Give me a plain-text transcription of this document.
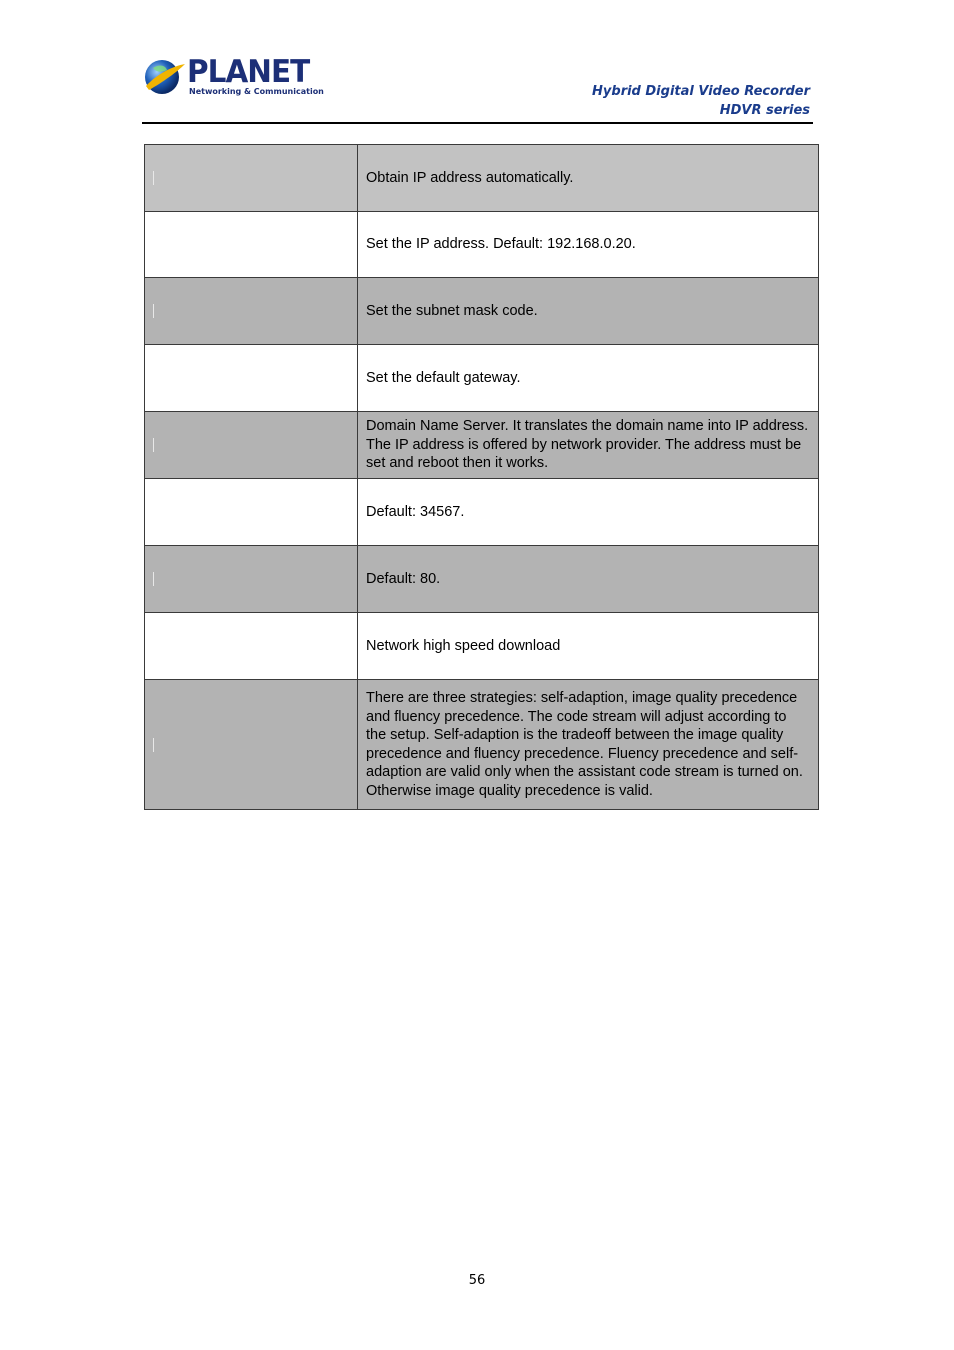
PLANET
Networking & Communication	Hybrid Digital Video Recorder
HDVR series
	Obtain IP address automatically.
	Set the IP address. Default: 192.168.0.20.

	Set the subnet mask code.
	Set the default gateway.

	Domain Name Server. It translates the domain name into IP address. The IP address is offered by network provider. The address must be set and reboot then it works.
	Default: 34567.

	Default: 80.
	Network high speed download

	There are three strategies: self-adaption, image quality precedence and fluency precedence. The code stream will adjust according to the setup. Self-adaption is the tradeoff between the image quality precedence and fluency precedence. Fluency precedence and self-adaption are valid only when the assistant code stream is turned on. Otherwise image quality precedence is valid.
56
